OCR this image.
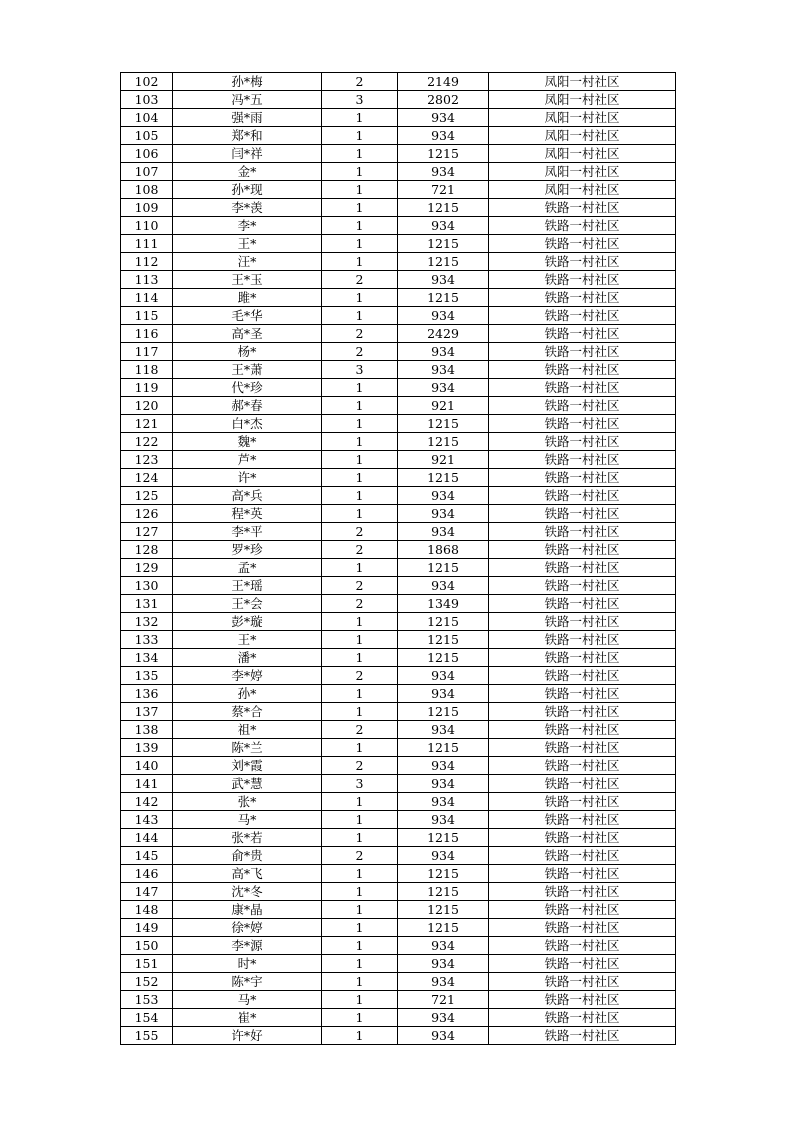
102	孙*梅	2	2149	凤阳一村社区
103	冯*五	3	2802	凤阳一村社区
104	强*雨	1	934	凤阳一村社区
105	郑*和	1	934	凤阳一村社区
106	闫*祥	1	1215	凤阳一村社区
107	金*	1	934	凤阳一村社区
108	孙*现	1	721	凤阳一村社区
109	李*羡	1	1215	铁路一村社区
110	李*	1	934	铁路一村社区
111	王*	1	1215	铁路一村社区
112	汪*	1	1215	铁路一村社区
113	王*玉	2	934	铁路一村社区
114	雎*	1	1215	铁路一村社区
115	毛*华	1	934	铁路一村社区
116	高*圣	2	2429	铁路一村社区
117	杨*	2	934	铁路一村社区
118	王*萧	3	934	铁路一村社区
119	代*珍	1	934	铁路一村社区
120	郝*春	1	921	铁路一村社区
121	白*杰	1	1215	铁路一村社区
122	魏*	1	1215	铁路一村社区
123	芦*	1	921	铁路一村社区
124	许*	1	1215	铁路一村社区
125	高*兵	1	934	铁路一村社区
126	程*英	1	934	铁路一村社区
127	李*平	2	934	铁路一村社区
128	罗*珍	2	1868	铁路一村社区
129	孟*	1	1215	铁路一村社区
130	王*瑶	2	934	铁路一村社区
131	王*会	2	1349	铁路一村社区
132	彭*璇	1	1215	铁路一村社区
133	王*	1	1215	铁路一村社区
134	潘*	1	1215	铁路一村社区
135	李*婷	2	934	铁路一村社区
136	孙*	1	934	铁路一村社区
137	蔡*合	1	1215	铁路一村社区
138	祖*	2	934	铁路一村社区
139	陈*兰	1	1215	铁路一村社区
140	刘*霞	2	934	铁路一村社区
141	武*慧	3	934	铁路一村社区
142	张*	1	934	铁路一村社区
143	马*	1	934	铁路一村社区
144	张*若	1	1215	铁路一村社区
145	俞*贵	2	934	铁路一村社区
146	高*飞	1	1215	铁路一村社区
147	沈*冬	1	1215	铁路一村社区
148	康*晶	1	1215	铁路一村社区
149	徐*婷	1	1215	铁路一村社区
150	李*源	1	934	铁路一村社区
151	时*	1	934	铁路一村社区
152	陈*宇	1	934	铁路一村社区
153	马*	1	721	铁路一村社区
154	崔*	1	934	铁路一村社区
155	许*好	1	934	铁路一村社区
